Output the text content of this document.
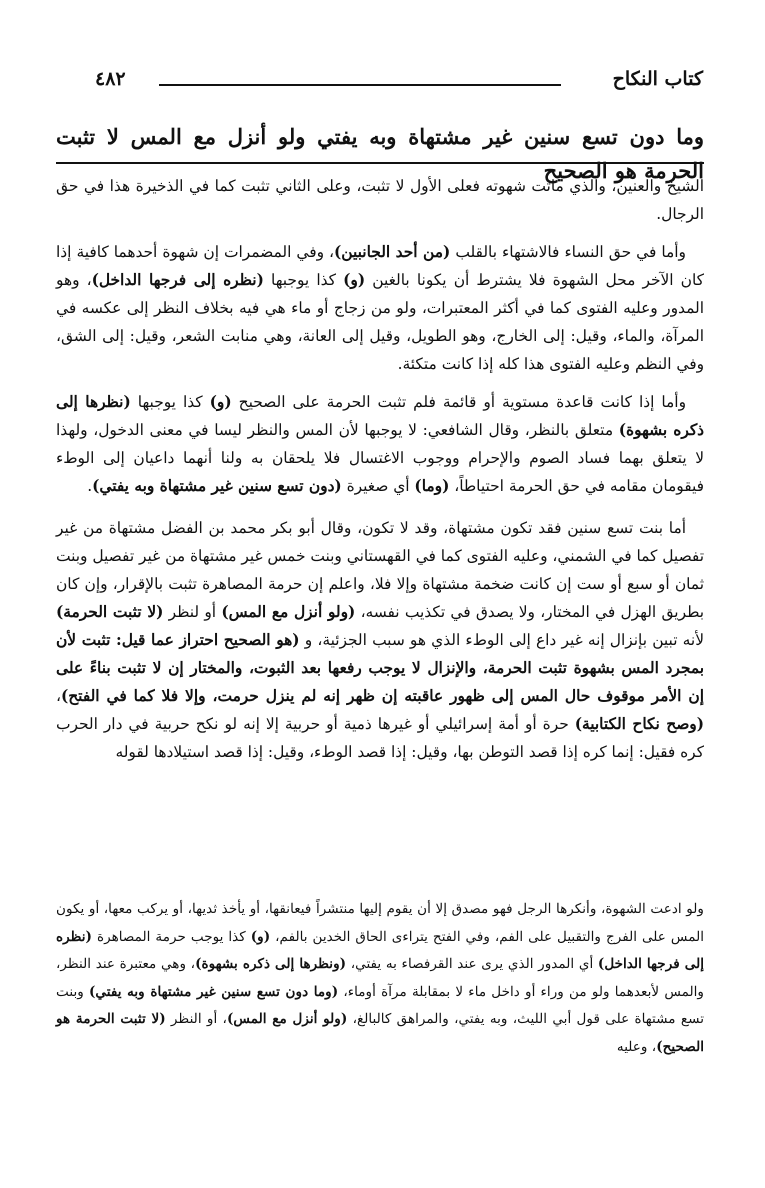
كتاب النكاح
٤٨٢
وما دون تسع سنين غير مشتهاة وبه يفتي ولو أنزل مع المس لا تثبت الحرمة هو الصحيح

الشيخ والعنين، والذي ماتت شهوته فعلى الأول لا تثبت، وعلى الثاني تثبت كما في الذخيرة هذا في حق الرجال.

وأما في حق النساء فالاشتهاء بالقلب (من أحد الجانبين)، وفي المضمرات إن شهوة أحدهما كافية إذا كان الآخر محل الشهوة فلا يشترط أن يكونا بالغين (و) كذا يوجبها (نظره إلى فرجها الداخل)، وهو المدور وعليه الفتوى كما في أكثر المعتبرات، ولو من زجاج أو ماء هي فيه بخلاف النظر إلى عكسه في المرآة، والماء، وقيل: إلى الخارج، وهو الطويل، وقيل إلى العانة، وهي منابت الشعر، وقيل: إلى الشق، وفي النظم وعليه الفتوى هذا كله إذا كانت متكئة.

وأما إذا كانت قاعدة مستوية أو قائمة فلم تثبت الحرمة على الصحيح (و) كذا يوجبها (نظرها إلى ذكره بشهوة) متعلق بالنظر، وقال الشافعي: لا يوجبها لأن المس والنظر ليسا في معنى الدخول، ولهذا لا يتعلق بهما فساد الصوم والإحرام ووجوب الاغتسال فلا يلحقان به ولنا أنهما داعيان إلى الوطء فيقومان مقامه في حق الحرمة احتياطاً، (وما) أي صغيرة (دون تسع سنين غير مشتهاة وبه يفتي).

أما بنت تسع سنين فقد تكون مشتهاة، وقد لا تكون، وقال أبو بكر محمد بن الفضل مشتهاة من غير تفصيل كما في الشمني، وعليه الفتوى كما في القهستاني وبنت خمس غير مشتهاة من غير تفصيل وبنت ثمان أو سبع أو ست إن كانت ضخمة مشتهاة وإلا فلا، واعلم إن حرمة المصاهرة تثبت بالإقرار، وإن كان بطريق الهزل في المختار، ولا يصدق في تكذيب نفسه، (ولو أنزل مع المس) أو لنظر (لا تثبت الحرمة) لأنه تبين بإنزال إنه غير داع إلى الوطء الذي هو سبب الجزئية، و (هو الصحيح احتراز عما قيل: تثبت لأن بمجرد المس بشهوة تثبت الحرمة، والإنزال لا يوجب رفعها بعد الثبوت، والمختار إن لا تثبت بناءً على إن الأمر موقوف حال المس إلى ظهور عاقبته إن ظهر إنه لم ينزل حرمت، وإلا فلا كما في الفتح)، (وصح نكاح الكتابية) حرة أو أمة إسرائيلي أو غيرها ذمية أو حربية إلا إنه لو نكح حربية في دار الحرب كره فقيل: إنما كره إذا قصد التوطن بها، وقيل: إذا قصد الوطء، وقيل: إذا قصد استيلادها لقوله

ولو ادعت الشهوة، وأنكرها الرجل فهو مصدق إلا أن يقوم إليها منتشراً فيعانقها، أو يأخذ ثديها، أو يركب معها، أو يكون المس على الفرج والتقبيل على الفم، وفي الفتح يتراءى الحاق الخدين بالفم، (و) كذا يوجب حرمة المصاهرة (نظره إلى فرجها الداخل) أي المدور الذي يرى عند القرفصاء به يفتي، (ونظرها إلى ذكره بشهوة)، وهي معتبرة عند النظر، والمس لأبعدهما ولو من وراء أو داخل ماء لا بمقابلة مرآة أوماء، (وما دون تسع سنين غير مشتهاة وبه يفتي) وبنت تسع مشتهاة على قول أبي الليث، وبه يفتي، والمراهق كالبالغ، (ولو أنزل مع المس)، أو النظر (لا تثبت الحرمة هو الصحيح)، وعليه
